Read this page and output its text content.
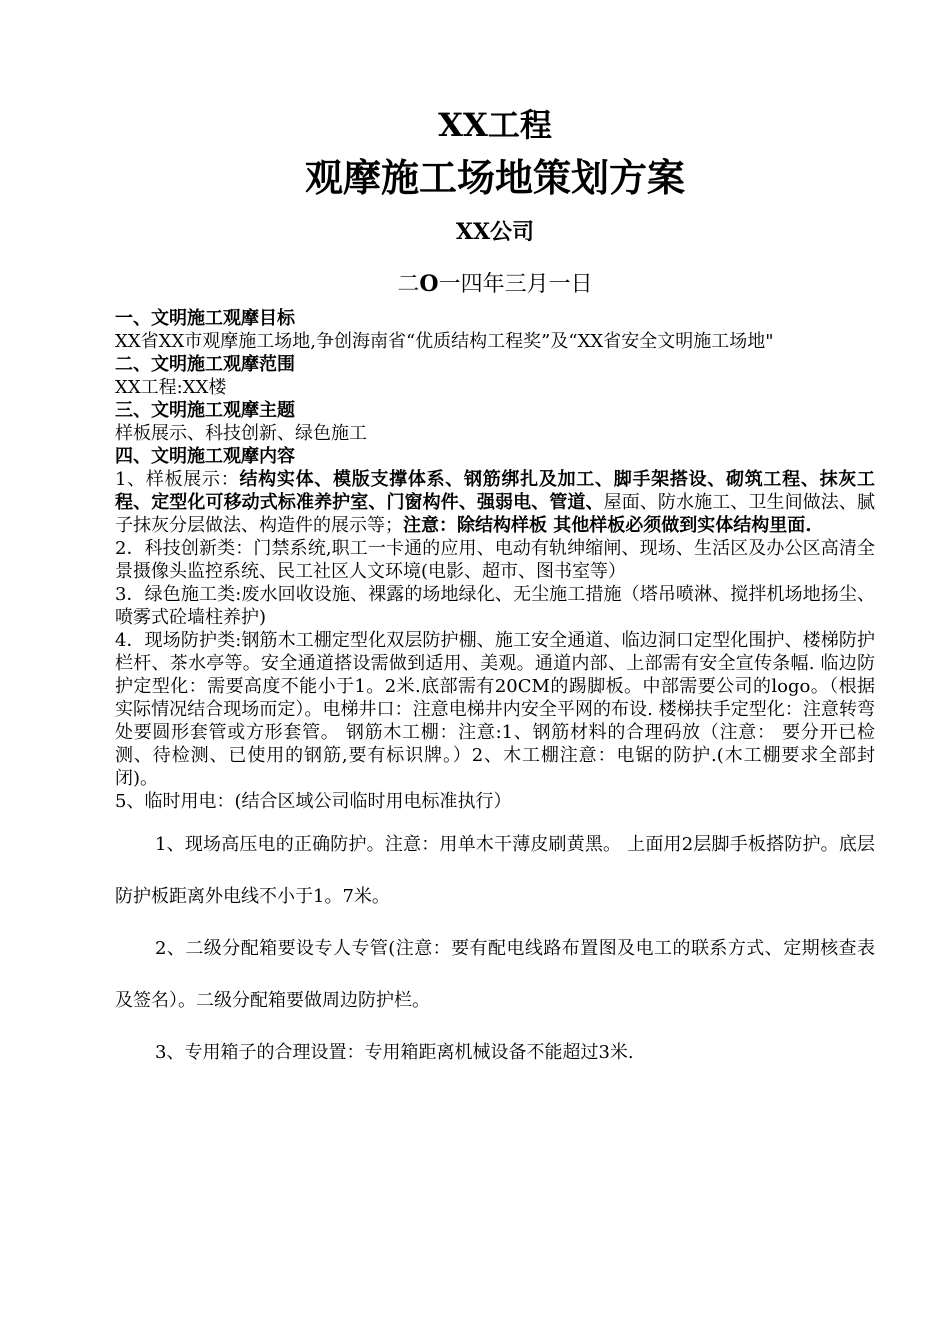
XX工程
观摩施工场地策划方案
XX公司
二O一四年三月一日

一、文明施工观摩目标

XX省XX市观摩施工场地,争创海南省“优质结构工程奖”及“XX省安全文明施工场地"

二、文明施工观摩范围

XX工程:XX楼

三、文明施工观摩主题

样板展示、科技创新、绿色施工

四、文明施工观摩内容

1、样板展示：结构实体、模版支撑体系、钢筋绑扎及加工、脚手架搭设、砌筑工程、抹灰工程、定型化可移动式标准养护室、门窗构件、强弱电、管道、屋面、防水施工、卫生间做法、腻子抹灰分层做法、构造件的展示等；注意：除结构样板 其他样板必须做到实体结构里面.

2．科技创新类：门禁系统,职工一卡通的应用、电动有轨绅缩闸、现场、生活区及办公区高清全景摄像头监控系统、民工社区人文环境(电影、超市、图书室等）

3．绿色施工类:废水回收设施、裸露的场地绿化、无尘施工措施（塔吊喷淋、搅拌机场地扬尘、喷雾式砼墙柱养护)

4．现场防护类:钢筋木工棚定型化双层防护棚、施工安全通道、临边洞口定型化围护、楼梯防护栏杆、茶水亭等。安全通道搭设需做到适用、美观。通道内部、上部需有安全宣传条幅. 临边防护定型化：需要高度不能小于1。2米.底部需有20CM的踢脚板。中部需要公司的logo。（根据实际情况结合现场而定）。电梯井口：注意电梯井内安全平网的布设. 楼梯扶手定型化：注意转弯处要圆形套管或方形套管。 钢筋木工棚：注意:1、钢筋材料的合理码放（注意： 要分开已检测、待检测、已使用的钢筋,要有标识牌。）2、木工棚注意：电锯的防护.(木工棚要求全部封闭)。

5、临时用电：(结合区域公司临时用电标准执行）

1、现场高压电的正确防护。注意：用单木干薄皮刷黄黑。 上面用2层脚手板搭防护。底层防护板距离外电线不小于1。7米。

2、二级分配箱要设专人专管(注意：要有配电线路布置图及电工的联系方式、定期核查表及签名）。二级分配箱要做周边防护栏。

3、专用箱子的合理设置：专用箱距离机械设备不能超过3米.
